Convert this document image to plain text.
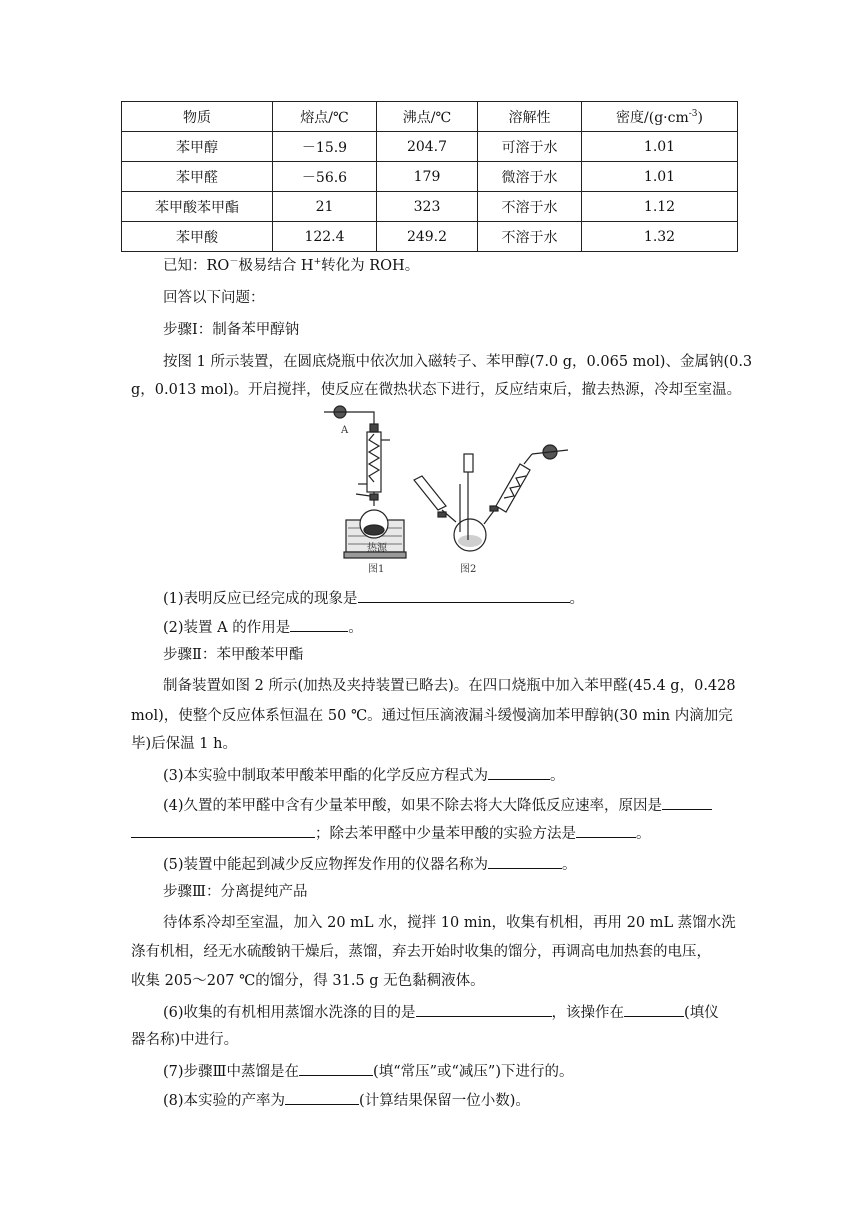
物质	熔点/℃	沸点/℃	溶解性	密度$/(g\cdot cm^{-3})$
苯甲醇	－15.9	204.7	可溶于水	1.01
苯甲醛	－56.6	179	微溶于水	1.01
苯甲酸苯甲酯	21	323	不溶于水	1.12
苯甲酸	122.4	249.2	不溶于水	1.32
已知：RO－极易结合 H+转化为 ROH。
回答以下问题：
步骤Ⅰ：制备苯甲醇钠
按图 1 所示装置，在圆底烧瓶中依次加入磁转子、苯甲醇(7.0 g，0.065 mol)、金属钠(0.3
g，0.013 mol)。开启搅拌，使反应在微热状态下进行，反应结束后，撤去热源，冷却至室温。
A
热源
图1	图2
(1)表明反应已经完成的现象是	。
(2)装置 A 的作用是	。
步骤Ⅱ：苯甲酸苯甲酯
制备装置如图 2 所示(加热及夹持装置已略去)。在四口烧瓶中加入苯甲醛(45.4 g，0.428
mol)，使整个反应体系恒温在 50 ℃。通过恒压滴液漏斗缓慢滴加苯甲醇钠(30 min 内滴加完
毕)后保温 1 h。
(3)本实验中制取苯甲酸苯甲酯的化学反应方程式为	。
(4)久置的苯甲醛中含有少量苯甲酸，如果不除去将大大降低反应速率，原因是
；除去苯甲醛中少量苯甲酸的实验方法是	。
(5)装置中能起到减少反应物挥发作用的仪器名称为	。
步骤Ⅲ：分离提纯产品
待体系冷却至室温，加入 20 mL 水，搅拌 10 min，收集有机相，再用 20 mL 蒸馏水洗
涤有机相，经无水硫酸钠干燥后，蒸馏，弃去开始时收集的馏分，再调高电加热套的电压，
收集 205～207 ℃的馏分，得 31.5 g 无色黏稠液体。
(6)收集的有机相用蒸馏水洗涤的目的是	，该操作在	(填仪
器名称)中进行。
(7)步骤Ⅲ中蒸馏是在	(填“常压”或“减压”)下进行的。
(8)本实验的产率为	(计算结果保留一位小数)。
